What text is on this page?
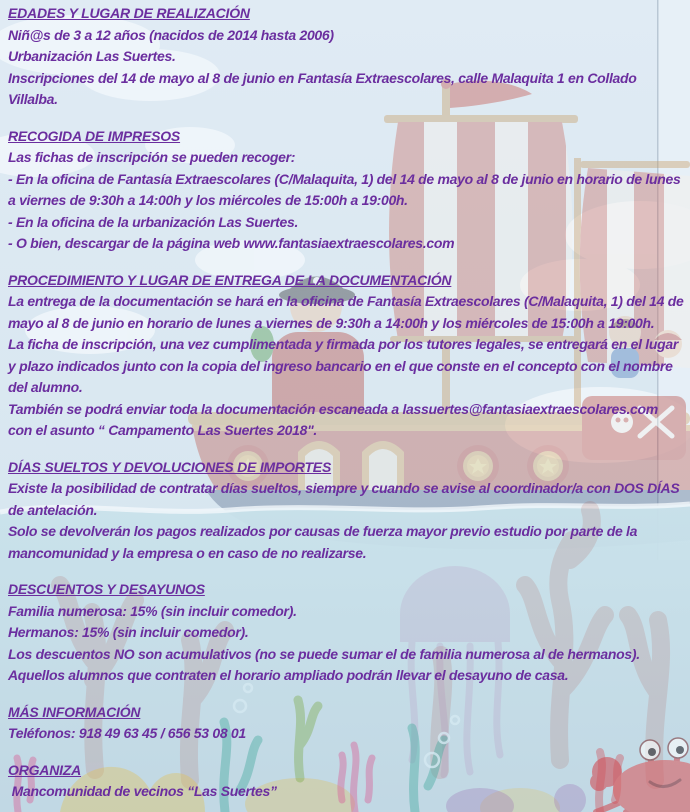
EDADES Y LUGAR DE REALIZACIÓN

Niñ@s de 3 a 12 años (nacidos de 2014 hasta 2006)

Urbanización Las Suertes.

Inscripciones del 14 de mayo al 8 de junio en Fantasía Extraescolares, calle Malaquita 1 en Collado Villalba.

RECOGIDA DE IMPRESOS

Las fichas de inscripción se pueden recoger:

- En la oficina de Fantasía Extraescolares (C/Malaquita, 1) del 14 de mayo al 8 de junio en horario de lunes a viernes de 9:30h a 14:00h y los miércoles de 15:00h a 19:00h.

- En la oficina de la urbanización Las Suertes.

- O bien, descargar de la página web www.fantasiaextraescolares.com

PROCEDIMIENTO Y LUGAR DE ENTREGA DE LA DOCUMENTACIÓN

La entrega de la documentación se hará en la oficina de Fantasía Extraescolares (C/Malaquita, 1) del 14 de mayo al 8 de junio en horario de lunes a viernes de 9:30h a 14:00h y los miércoles de 15:00h a 19:00h.

La ficha de inscripción, una vez cumplimentada y firmada por los tutores legales, se entregará en el lugar y plazo indicados junto con la copia del ingreso bancario en el que conste en el concepto con el nombre del alumno.

También se podrá enviar toda la documentación escaneada a lassuertes@fantasiaextraescolares.com con el asunto “ Campamento Las Suertes 2018".

DÍAS SUELTOS Y DEVOLUCIONES DE IMPORTES

Existe la posibilidad de contratar días sueltos, siempre y cuando se avise al coordinador/a con DOS DÍAS de antelación.

Solo se devolverán los pagos realizados por causas de fuerza mayor previo estudio por parte de la mancomunidad y la empresa o en caso de no realizarse.

DESCUENTOS Y DESAYUNOS

Familia numerosa: 15% (sin incluir comedor).

Hermanos: 15% (sin incluir comedor).

Los descuentos NO son acumulativos (no se puede sumar el de familia numerosa al de hermanos).

Aquellos alumnos que contraten el horario ampliado podrán llevar el desayuno de casa.

MÁS INFORMACIÓN

Teléfonos: 918 49 63 45 / 656 53 08 01

ORGANIZA

Mancomunidad de vecinos “Las Suertes”
